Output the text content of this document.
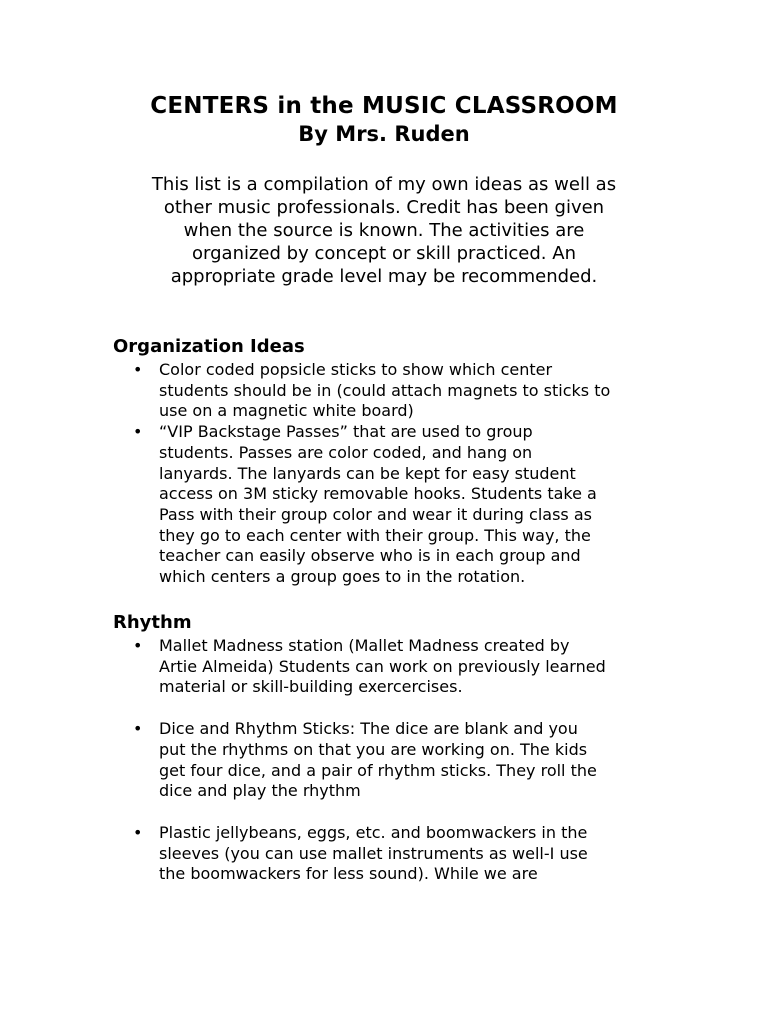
CENTERS in the MUSIC CLASSROOM
By Mrs. Ruden

This list is a compilation of my own ideas as well as
other music professionals. Credit has been given
when the source is known. The activities are
organized by concept or skill practiced. An
appropriate grade level may be recommended.

Organization Ideas
• Color coded popsicle sticks to show which center
students should be in (could attach magnets to sticks to
use on a magnetic white board)
• “VIP Backstage Passes” that are used to group
students. Passes are color coded, and hang on
lanyards. The lanyards can be kept for easy student
access on 3M sticky removable hooks. Students take a
Pass with their group color and wear it during class as
they go to each center with their group. This way, the
teacher can easily observe who is in each group and
which centers a group goes to in the rotation.
Rhythm
• Mallet Madness station (Mallet Madness created by
Artie Almeida) Students can work on previously learned
material or skill-building exercercises.
• Dice and Rhythm Sticks: The dice are blank and you
put the rhythms on that you are working on. The kids
get four dice, and a pair of rhythm sticks. They roll the
dice and play the rhythm
• Plastic jellybeans, eggs, etc. and boomwackers in the
sleeves (you can use mallet instruments as well-I use
the boomwackers for less sound). While we are
